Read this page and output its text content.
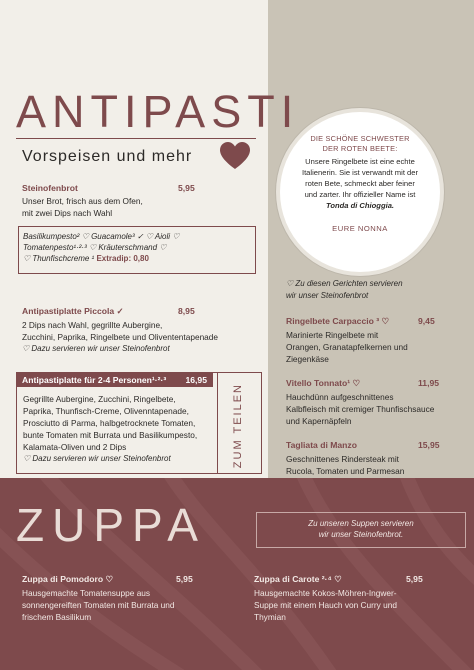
ANTIPASTI
Vorspeisen und mehr
Steinofenbrot	5,95
Unser Brot, frisch aus dem Ofen,
mit zwei Dips nach Wahl
Basilikumpesto² ♡ Guacamole³ ✓ ♡ Aioli ♡
Tomatenpesto¹·²·³ ♡ Kräuterschmand ♡
♡ Thunfischcreme ¹ Extradip: 0,80
Antipastiplatte Piccola ✓	8,95
2 Dips nach Wahl, gegrillte Aubergine,
Zucchini, Paprika, Ringelbete und Olivententapenade
♡ Dazu servieren wir unser Steinofenbrot
Antipastiplatte für 2-4 Personen¹·²·³ 16,95
Gegrillte Aubergine, Zucchini, Ringelbete,
Paprika, Thunfisch-Creme, Olivenntapenade,
Prosciutto di Parma, halbgetrocknete Tomaten,
bunte Tomaten mit Burrata und Basilikumpesto,
Kalamata-Oliven und 2 Dips
♡ Dazu servieren wir unser Steinofenbrot	ZUM TEILEN
DIE SCHÖNE SCHWESTER
DER ROTEN BEETE:
Unsere Ringelbete ist eine echte
Italienerin. Sie ist verwandt mit der
roten Bete, schmeckt aber feiner
und zarter. Ihr offizieller Name ist
Tonda di Chioggia.
EURE NONNA
♡ Zu diesen Gerichten servieren
wir unser Steinofenbrot
Ringelbete Carpaccio ³ ♡	9,45
Marinierte Ringelbete mit
Orangen, Granatapfelkernen und
Ziegenkäse
Vitello Tonnato¹ ♡	11,95
Hauchdünn aufgeschnittenes
Kalbfleisch mit cremiger Thunfischsauce
und Kapernäpfeln
Tagliata di Manzo	15,95
Geschnittenes Rindersteak mit
Rucola, Tomaten und Parmesan
ZUPPA	Zu unseren Suppen servieren
wir unser Steinofenbrot.
Zuppa di Pomodoro ♡	5,95
Hausgemachte Tomatensuppe aus
sonnengereiften Tomaten mit Burrata und
frischem Basilikum
Zuppa di Carote ²·⁴ ♡	5,95
Hausgemachte Kokos-Möhren-Ingwer-
Suppe mit einem Hauch von Curry und
Thymian
